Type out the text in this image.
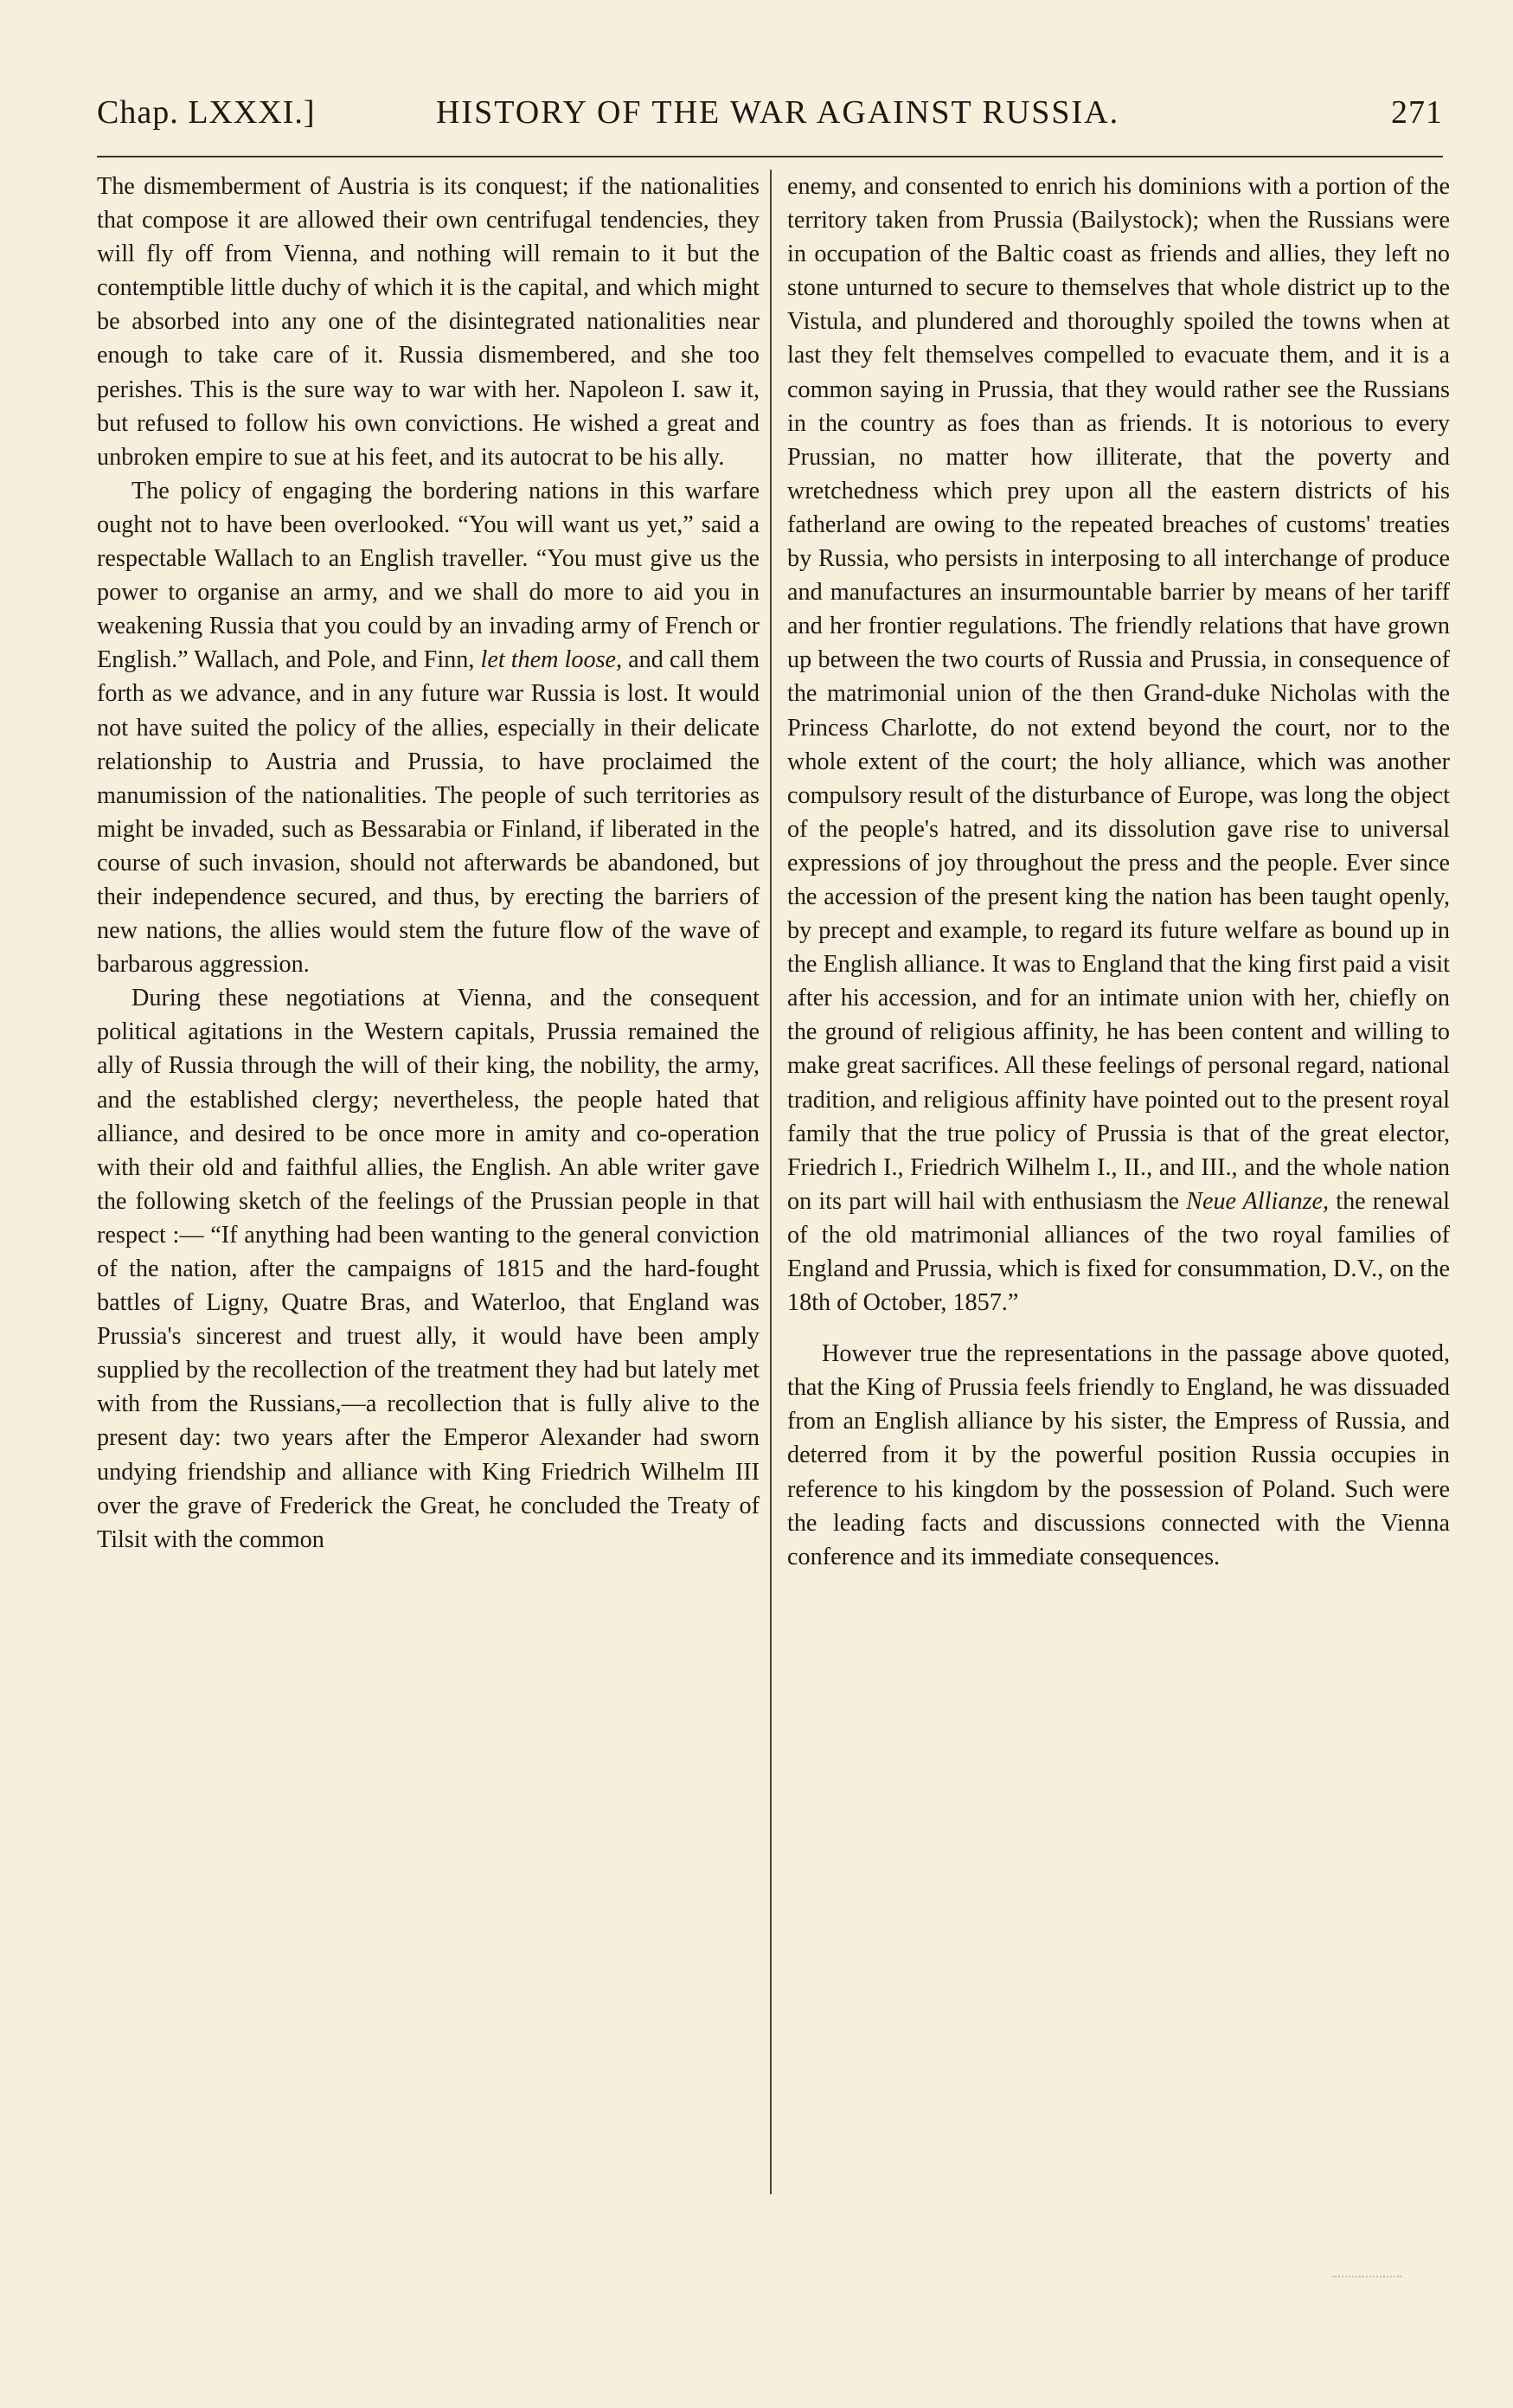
Chap. LXXXI.]	HISTORY OF THE WAR AGAINST RUSSIA.	271

The dismemberment of Austria is its conquest; if the nationalities that compose it are allowed their own centrifugal tendencies, they will fly off from Vienna, and nothing will remain to it but the contemptible little duchy of which it is the capital, and which might be absorbed into any one of the disintegrated nationalities near enough to take care of it. Russia dismembered, and she too perishes. This is the sure way to war with her. Napoleon I. saw it, but refused to follow his own convictions. He wished a great and unbroken empire to sue at his feet, and its autocrat to be his ally.

The policy of engaging the bordering nations in this warfare ought not to have been overlooked. “You will want us yet,” said a respectable Wallach to an English traveller. “You must give us the power to organise an army, and we shall do more to aid you in weakening Russia that you could by an invading army of French or English.” Wallach, and Pole, and Finn, let them loose, and call them forth as we advance, and in any future war Russia is lost. It would not have suited the policy of the allies, especially in their delicate relationship to Austria and Prussia, to have proclaimed the manumission of the nationalities. The people of such territories as might be invaded, such as Bessarabia or Finland, if liberated in the course of such invasion, should not afterwards be abandoned, but their independence secured, and thus, by erecting the barriers of new nations, the allies would stem the future flow of the wave of barbarous aggression.

During these negotiations at Vienna, and the consequent political agitations in the Western capitals, Prussia remained the ally of Russia through the will of their king, the nobility, the army, and the established clergy; nevertheless, the people hated that alliance, and desired to be once more in amity and co-operation with their old and faithful allies, the English. An able writer gave the following sketch of the feelings of the Prussian people in that respect :— “If anything had been wanting to the general conviction of the nation, after the campaigns of 1815 and the hard-fought battles of Ligny, Quatre Bras, and Waterloo, that England was Prussia's sincerest and truest ally, it would have been amply supplied by the recollection of the treatment they had but lately met with from the Russians,—a recollection that is fully alive to the present day: two years after the Emperor Alexander had sworn undying friendship and alliance with King Friedrich Wilhelm III over the grave of Frederick the Great, he concluded the Treaty of Tilsit with the common

enemy, and consented to enrich his dominions with a portion of the territory taken from Prussia (Bailystock); when the Russians were in occupation of the Baltic coast as friends and allies, they left no stone unturned to secure to themselves that whole district up to the Vistula, and plundered and thoroughly spoiled the towns when at last they felt themselves compelled to evacuate them, and it is a common saying in Prussia, that they would rather see the Russians in the country as foes than as friends. It is notorious to every Prussian, no matter how illiterate, that the poverty and wretchedness which prey upon all the eastern districts of his fatherland are owing to the repeated breaches of customs' treaties by Russia, who persists in interposing to all interchange of produce and manufactures an insurmountable barrier by means of her tariff and her frontier regulations. The friendly relations that have grown up between the two courts of Russia and Prussia, in consequence of the matrimonial union of the then Grand-duke Nicholas with the Princess Charlotte, do not extend beyond the court, nor to the whole extent of the court; the holy alliance, which was another compulsory result of the disturbance of Europe, was long the object of the people's hatred, and its dissolution gave rise to universal expressions of joy throughout the press and the people. Ever since the accession of the present king the nation has been taught openly, by precept and example, to regard its future welfare as bound up in the English alliance. It was to England that the king first paid a visit after his accession, and for an intimate union with her, chiefly on the ground of religious affinity, he has been content and willing to make great sacrifices. All these feelings of personal regard, national tradition, and religious affinity have pointed out to the present royal family that the true policy of Prussia is that of the great elector, Friedrich I., Friedrich Wilhelm I., II., and III., and the whole nation on its part will hail with enthusiasm the Neue Allianze, the renewal of the old matrimonial alliances of the two royal families of England and Prussia, which is fixed for consummation, D.V., on the 18th of October, 1857.”

However true the representations in the passage above quoted, that the King of Prussia feels friendly to England, he was dissuaded from an English alliance by his sister, the Empress of Russia, and deterred from it by the powerful position Russia occupies in reference to his kingdom by the possession of Poland. Such were the leading facts and discussions connected with the Vienna conference and its immediate consequences.
